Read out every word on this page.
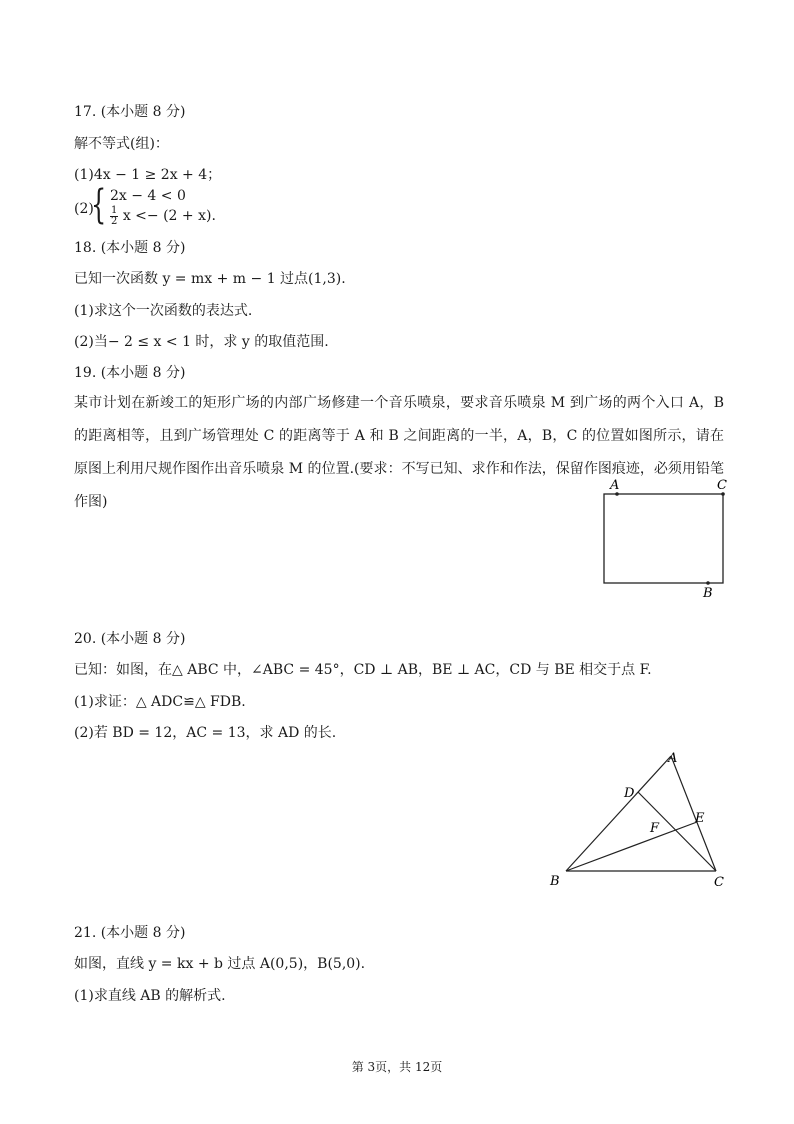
17. (本小题 8 分)
解不等式(组)：
(1)4x − 1 ≥ 2x + 4；
(2)
{ 2x − 4 < 0
$\frac{1}{2}$ x <− (2 + x).
18. (本小题 8 分)
已知一次函数 y = mx + m − 1 过点(1,3).
(1)求这个一次函数的表达式.
(2)当− 2 ≤ x < 1 时，求 y 的取值范围.
19. (本小题 8 分)
某市计划在新竣工的矩形广场的内部广场修建一个音乐喷泉，要求音乐喷泉 M 到广场的两个入口 A，B 的距离相等，且到广场管理处 C 的距离等于 A 和 B 之间距离的一半，A，B，C 的位置如图所示，请在原图上利用尺规作图作出音乐喷泉 M 的位置.(要求：不写已知、求作和作法，保留作图痕迹，必须用铅笔作图)
A	C
B
20. (本小题 8 分)
已知：如图，在△ ABC 中，∠ABC = 45°，CD ⊥ AB，BE ⊥ AC，CD 与 BE 相交于点 F.
(1)求证：△ ADC≌△ FDB.
(2)若 BD = 12，AC = 13，求 AD 的长.
A
D
E
F
B	C
21. (本小题 8 分)
如图，直线 y = kx + b 过点 A(0,5)，B(5,0).
(1)求直线 AB 的解析式.
第 3页，共 12页
